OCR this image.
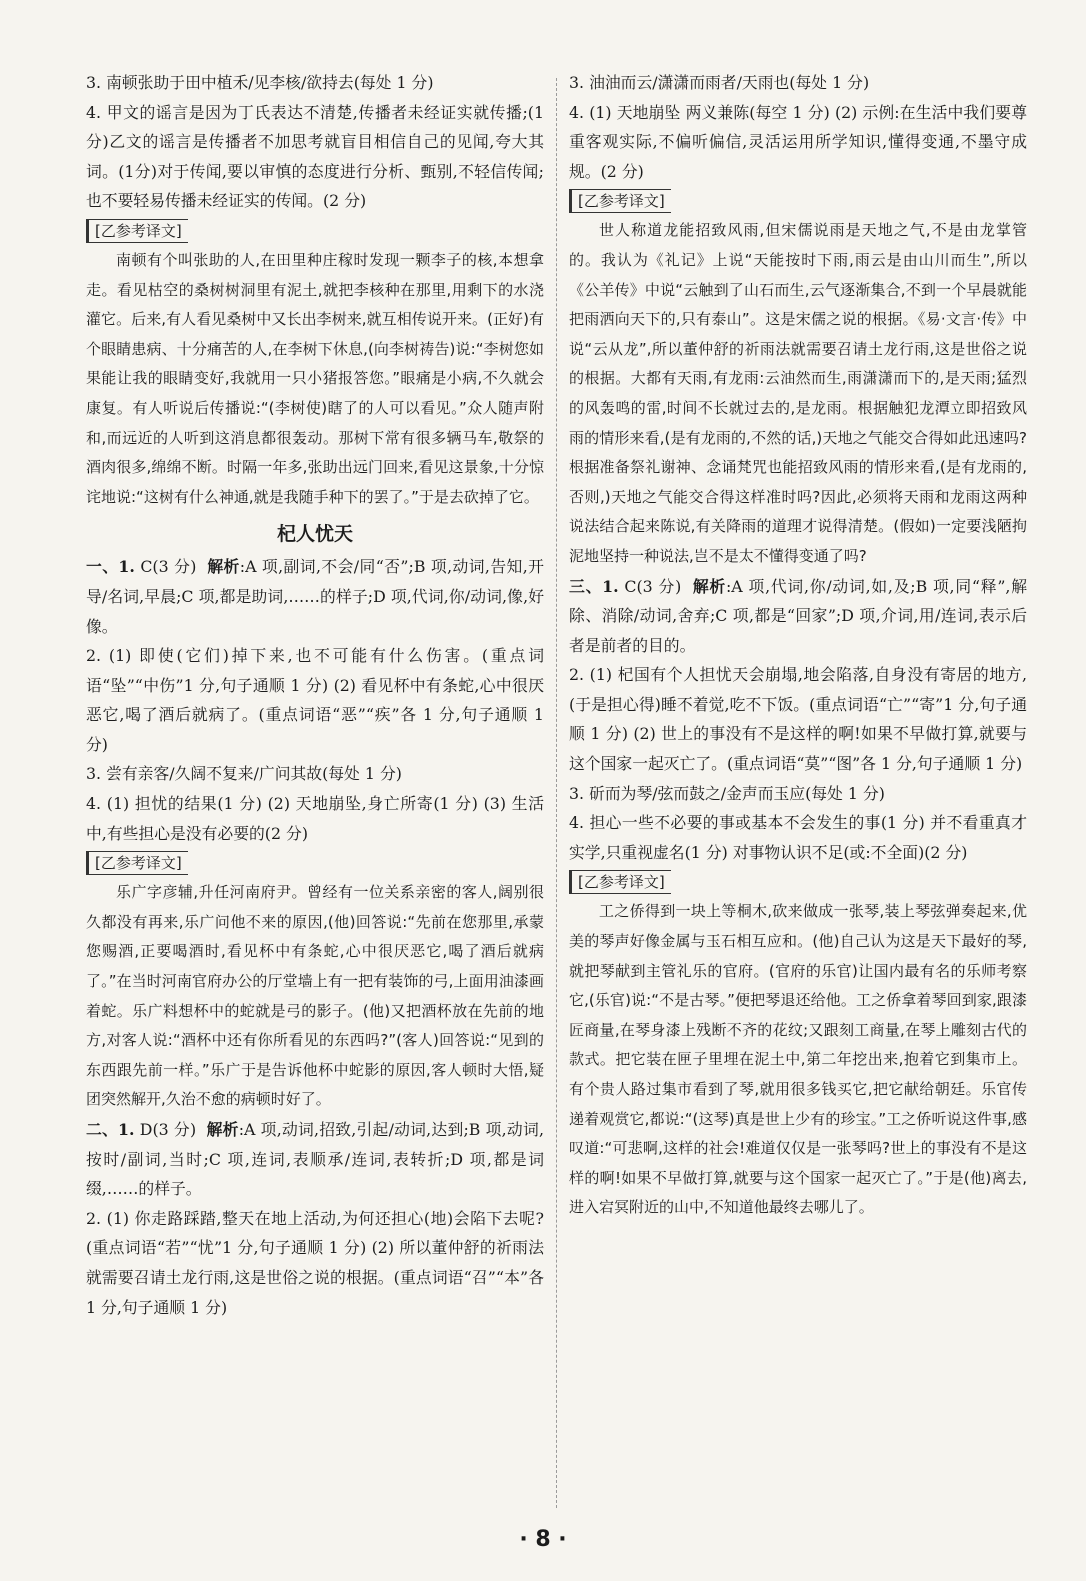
3. 南顿张助于田中植禾/见李核/欲持去(每处 1 分)

4. 甲文的谣言是因为丁氏表达不清楚,传播者未经证实就传播;(1分)乙文的谣言是传播者不加思考就盲目相信自己的见闻,夸大其词。(1分)对于传闻,要以审慎的态度进行分析、甄别,不轻信传闻;也不要轻易传播未经证实的传闻。(2 分)

[乙参考译文]

南顿有个叫张助的人,在田里种庄稼时发现一颗李子的核,本想拿走。看见枯空的桑树树洞里有泥土,就把李核种在那里,用剩下的水浇灌它。后来,有人看见桑树中又长出李树来,就互相传说开来。(正好)有个眼睛患病、十分痛苦的人,在李树下休息,(向李树祷告)说:“李树您如果能让我的眼睛变好,我就用一只小猪报答您。”眼痛是小病,不久就会康复。有人听说后传播说:“(李树使)瞎了的人可以看见。”众人随声附和,而远近的人听到这消息都很轰动。那树下常有很多辆马车,敬祭的酒肉很多,绵绵不断。时隔一年多,张助出远门回来,看见这景象,十分惊诧地说:“这树有什么神通,就是我随手种下的罢了。”于是去砍掉了它。

杞人忧天

一、1. C(3 分) 解析:A 项,副词,不会/同“否”;B 项,动词,告知,开导/名词,早晨;C 项,都是助词,……的样子;D 项,代词,你/动词,像,好像。

2. (1) 即使(它们)掉下来,也不可能有什么伤害。(重点词语“坠”“中伤”1 分,句子通顺 1 分) (2) 看见杯中有条蛇,心中很厌恶它,喝了酒后就病了。(重点词语“恶”“疾”各 1 分,句子通顺 1 分)

3. 尝有亲客/久阔不复来/广问其故(每处 1 分)

4. (1) 担忧的结果(1 分) (2) 天地崩坠,身亡所寄(1 分) (3) 生活中,有些担心是没有必要的(2 分)

[乙参考译文]

乐广字彦辅,升任河南府尹。曾经有一位关系亲密的客人,阔别很久都没有再来,乐广问他不来的原因,(他)回答说:“先前在您那里,承蒙您赐酒,正要喝酒时,看见杯中有条蛇,心中很厌恶它,喝了酒后就病了。”在当时河南官府办公的厅堂墙上有一把有装饰的弓,上面用油漆画着蛇。乐广料想杯中的蛇就是弓的影子。(他)又把酒杯放在先前的地方,对客人说:“酒杯中还有你所看见的东西吗?”(客人)回答说:“见到的东西跟先前一样。”乐广于是告诉他杯中蛇影的原因,客人顿时大悟,疑团突然解开,久治不愈的病顿时好了。

二、1. D(3 分) 解析:A 项,动词,招致,引起/动词,达到;B 项,动词,按时/副词,当时;C 项,连词,表顺承/连词,表转折;D 项,都是词缀,……的样子。

2. (1) 你走路踩踏,整天在地上活动,为何还担心(地)会陷下去呢?(重点词语“若”“忧”1 分,句子通顺 1 分) (2) 所以董仲舒的祈雨法就需要召请土龙行雨,这是世俗之说的根据。(重点词语“召”“本”各 1 分,句子通顺 1 分)

3. 油油而云/潇潇而雨者/天雨也(每处 1 分)

4. (1) 天地崩坠 两义兼陈(每空 1 分) (2) 示例:在生活中我们要尊重客观实际,不偏听偏信,灵活运用所学知识,懂得变通,不墨守成规。(2 分)

[乙参考译文]

世人称道龙能招致风雨,但宋儒说雨是天地之气,不是由龙掌管的。我认为《礼记》上说“天能按时下雨,雨云是由山川而生”,所以《公羊传》中说“云触到了山石而生,云气逐渐集合,不到一个早晨就能把雨洒向天下的,只有泰山”。这是宋儒之说的根据。《易·文言·传》中说“云从龙”,所以董仲舒的祈雨法就需要召请土龙行雨,这是世俗之说的根据。大都有天雨,有龙雨:云油然而生,雨潇潇而下的,是天雨;猛烈的风轰鸣的雷,时间不长就过去的,是龙雨。根据触犯龙潭立即招致风雨的情形来看,(是有龙雨的,不然的话,)天地之气能交合得如此迅速吗?根据准备祭礼谢神、念诵梵咒也能招致风雨的情形来看,(是有龙雨的,否则,)天地之气能交合得这样准时吗?因此,必须将天雨和龙雨这两种说法结合起来陈说,有关降雨的道理才说得清楚。(假如)一定要浅陋拘泥地坚持一种说法,岂不是太不懂得变通了吗?

三、1. C(3 分) 解析:A 项,代词,你/动词,如,及;B 项,同“释”,解除、消除/动词,舍弃;C 项,都是“回家”;D 项,介词,用/连词,表示后者是前者的目的。

2. (1) 杞国有个人担忧天会崩塌,地会陷落,自身没有寄居的地方,(于是担心得)睡不着觉,吃不下饭。(重点词语“亡”“寄”1 分,句子通顺 1 分) (2) 世上的事没有不是这样的啊!如果不早做打算,就要与这个国家一起灭亡了。(重点词语“莫”“图”各 1 分,句子通顺 1 分)

3. 斫而为琴/弦而鼓之/金声而玉应(每处 1 分)

4. 担心一些不必要的事或基本不会发生的事(1 分) 并不看重真才实学,只重视虚名(1 分) 对事物认识不足(或:不全面)(2 分)

[乙参考译文]

工之侨得到一块上等桐木,砍来做成一张琴,装上琴弦弹奏起来,优美的琴声好像金属与玉石相互应和。(他)自己认为这是天下最好的琴,就把琴献到主管礼乐的官府。(官府的乐官)让国内最有名的乐师考察它,(乐官)说:“不是古琴。”便把琴退还给他。工之侨拿着琴回到家,跟漆匠商量,在琴身漆上残断不齐的花纹;又跟刻工商量,在琴上雕刻古代的款式。把它装在匣子里埋在泥土中,第二年挖出来,抱着它到集市上。有个贵人路过集市看到了琴,就用很多钱买它,把它献给朝廷。乐官传递着观赏它,都说:“(这琴)真是世上少有的珍宝。”工之侨听说这件事,感叹道:“可悲啊,这样的社会!难道仅仅是一张琴吗?世上的事没有不是这样的啊!如果不早做打算,就要与这个国家一起灭亡了。”于是(他)离去,进入宕冥附近的山中,不知道他最终去哪儿了。

· 8 ·
